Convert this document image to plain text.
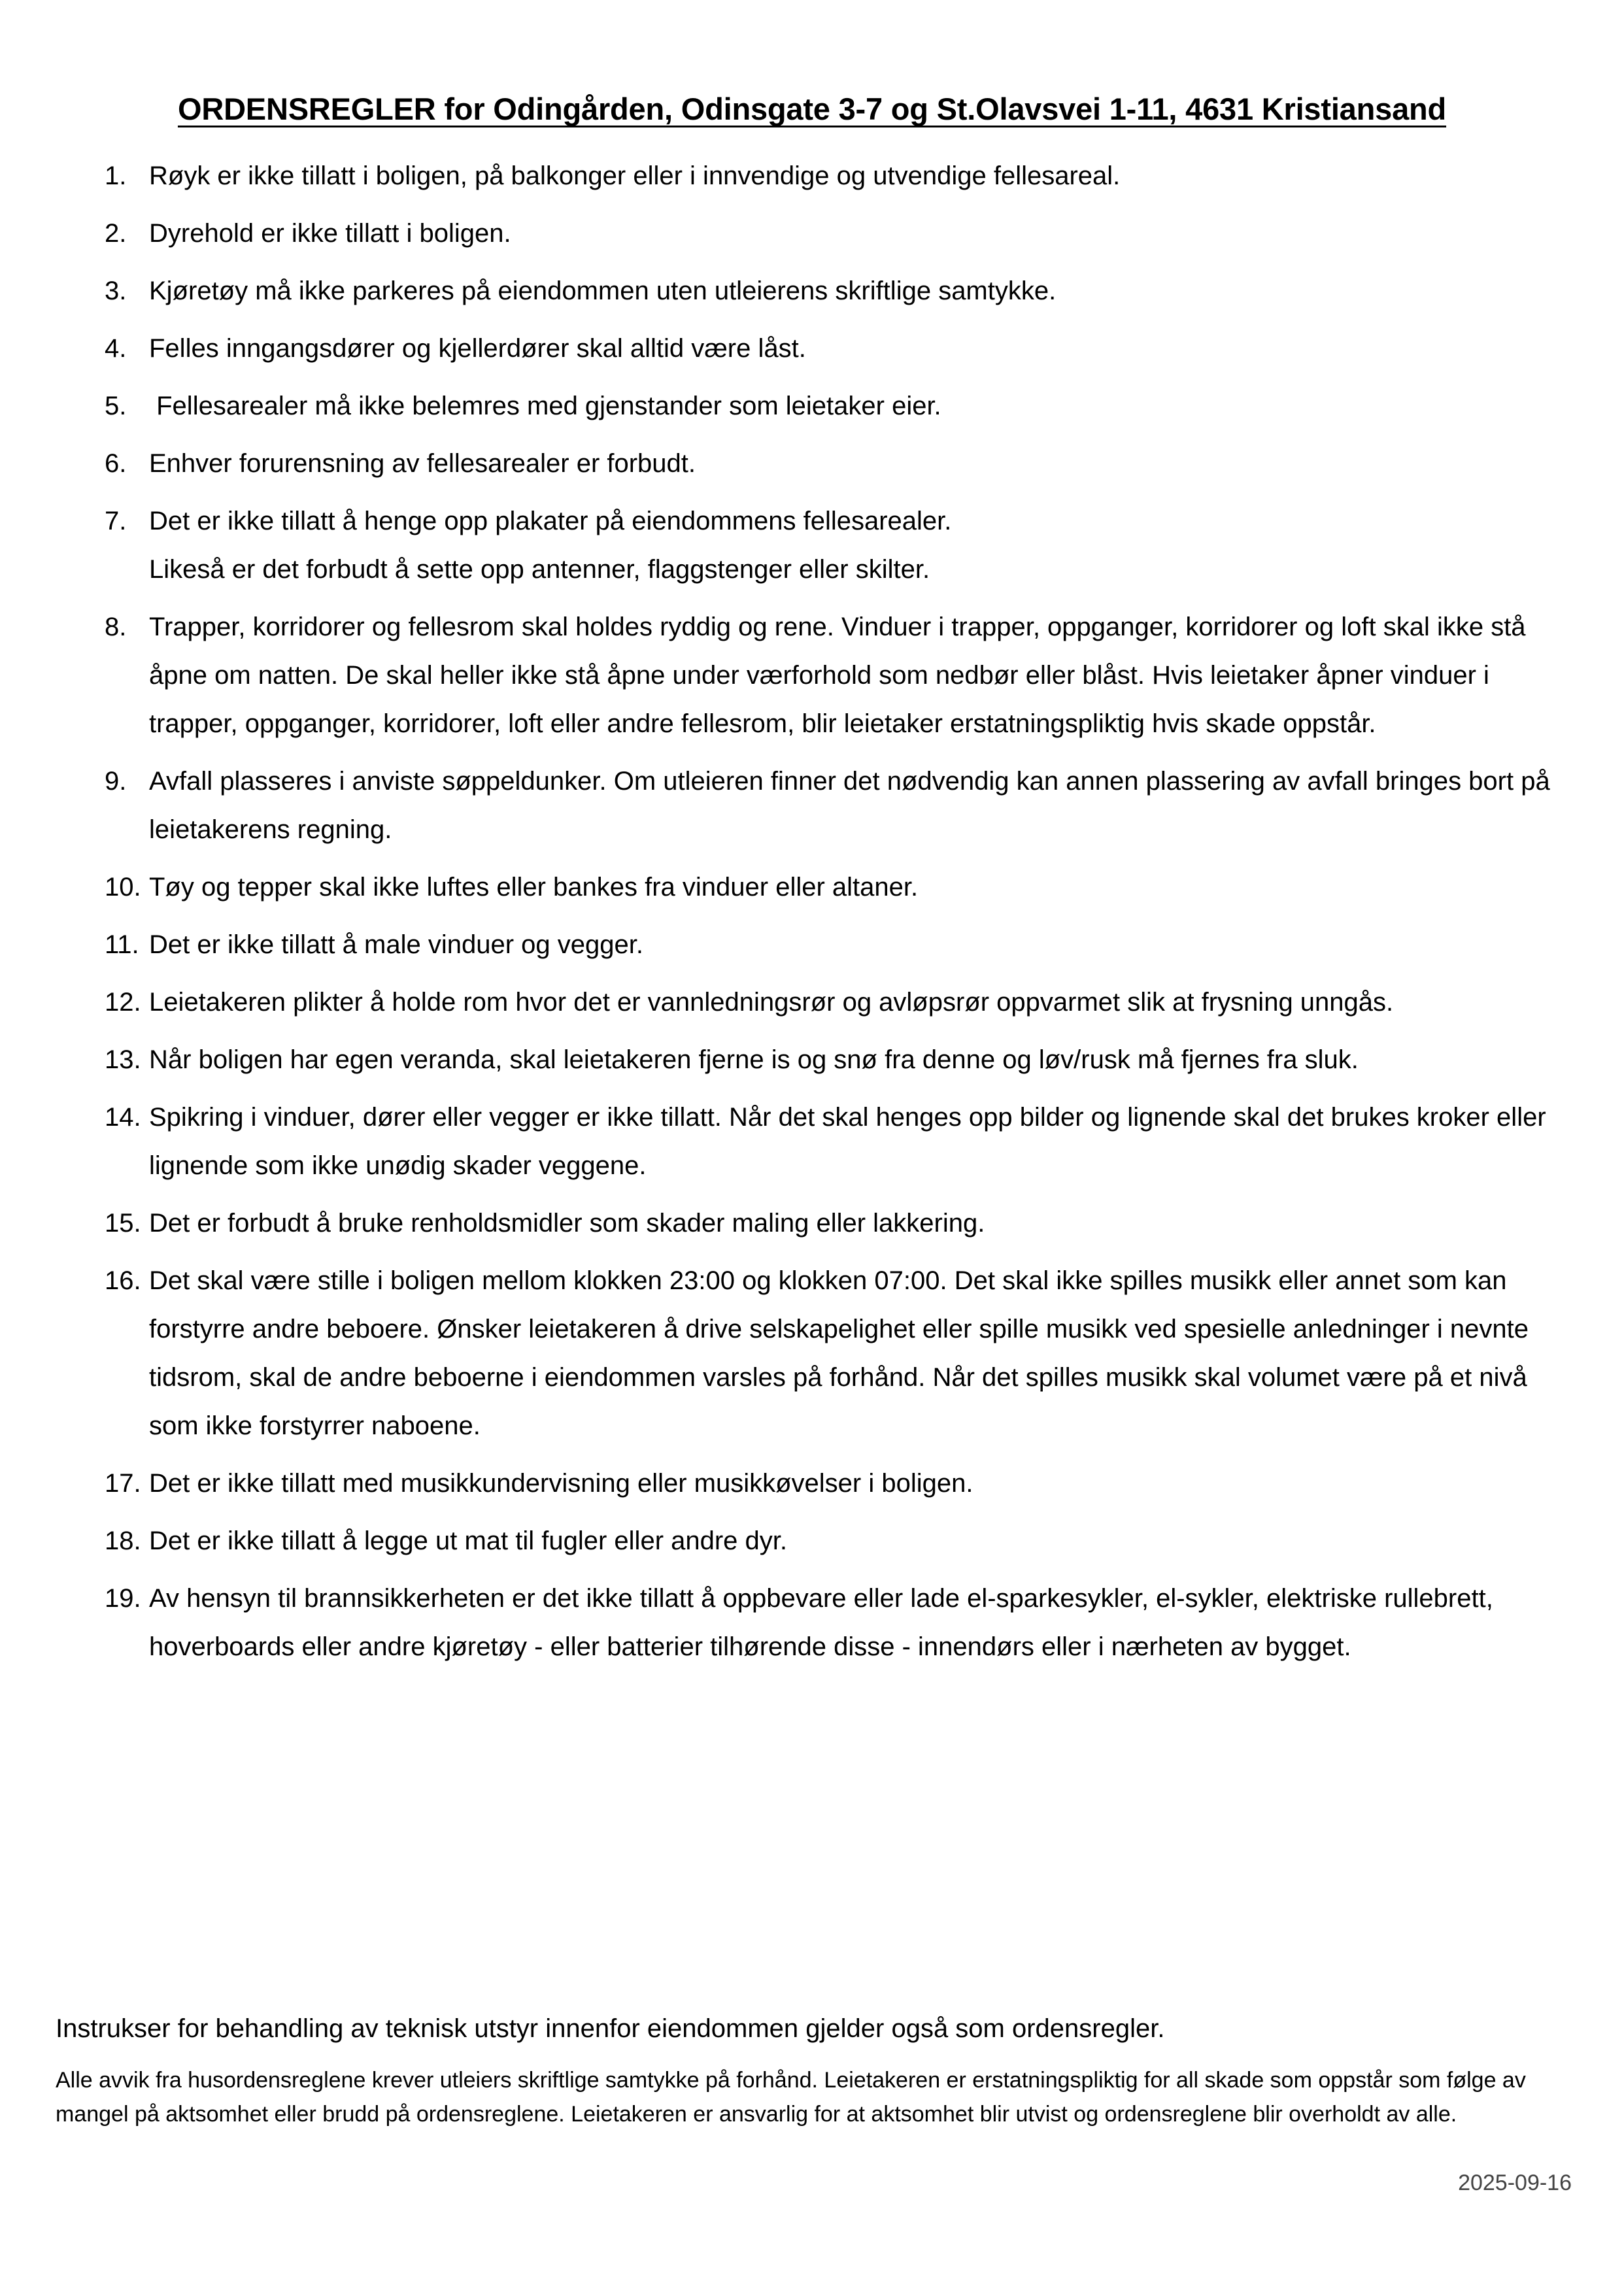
ORDENSREGLER for Odingården, Odinsgate 3-7 og St.Olavsvei 1-11, 4631 Kristiansand
1. Røyk er ikke tillatt i boligen, på balkonger eller i innvendige og utvendige fellesareal.

2. Dyrehold er ikke tillatt i boligen.

3. Kjøretøy må ikke parkeres på eiendommen uten utleierens skriftlige samtykke.

4. Felles inngangsdører og kjellerdører skal alltid være låst.

5.	Fellesarealer må ikke belemres med gjenstander som leietaker eier.

6. Enhver forurensning av fellesarealer er forbudt.

7. Det er ikke tillatt å henge opp plakater på eiendommens fellesarealer.

Likeså er det forbudt å sette opp antenner, flaggstenger eller skilter.

8. Trapper, korridorer og fellesrom skal holdes ryddig og rene. Vinduer i trapper, oppganger, korridorer og loft skal ikke stå åpne om natten. De skal heller ikke stå åpne under værforhold som nedbør eller blåst. Hvis leietaker åpner vinduer i trapper, oppganger, korridorer, loft eller andre fellesrom, blir leietaker erstatningspliktig hvis skade oppstår.

9. Avfall plasseres i anviste søppeldunker. Om utleieren finner det nødvendig kan annen plassering av avfall bringes bort på leietakerens regning.

10. Tøy og tepper skal ikke luftes eller bankes fra vinduer eller altaner.

11. Det er ikke tillatt å male vinduer og vegger.

12. Leietakeren plikter å holde rom hvor det er vannledningsrør og avløpsrør oppvarmet slik at frysning unngås.

13. Når boligen har egen veranda, skal leietakeren fjerne is og snø fra denne og løv/rusk må fjernes fra sluk.

14. Spikring i vinduer, dører eller vegger er ikke tillatt. Når det skal henges opp bilder og lignende skal det brukes kroker eller lignende som ikke unødig skader veggene.

15. Det er forbudt å bruke renholdsmidler som skader maling eller lakkering.

16. Det skal være stille i boligen mellom klokken 23:00 og klokken 07:00. Det skal ikke spilles musikk eller annet som kan forstyrre andre beboere. Ønsker leietakeren å drive selskapelighet eller spille musikk ved spesielle anledninger i nevnte tidsrom, skal de andre beboerne i eiendommen varsles på forhånd. Når det spilles musikk skal volumet være på et nivå som ikke forstyrrer naboene.

17. Det er ikke tillatt med musikkundervisning eller musikkøvelser i boligen.

18. Det er ikke tillatt å legge ut mat til fugler eller andre dyr.

19. Av hensyn til brannsikkerheten er det ikke tillatt å oppbevare eller lade el-sparkesykler, el-sykler, elektriske rullebrett, hoverboards eller andre kjøretøy - eller batterier tilhørende disse - innendørs eller i nærheten av bygget.

Instrukser for behandling av teknisk utstyr innenfor eiendommen gjelder også som ordensregler.

Alle avvik fra husordensreglene krever utleiers skriftlige samtykke på forhånd. Leietakeren er erstatningspliktig for all skade som oppstår som følge av mangel på aktsomhet eller brudd på ordensreglene. Leietakeren er ansvarlig for at aktsomhet blir utvist og ordensreglene blir overholdt av alle.

2025-09-16
